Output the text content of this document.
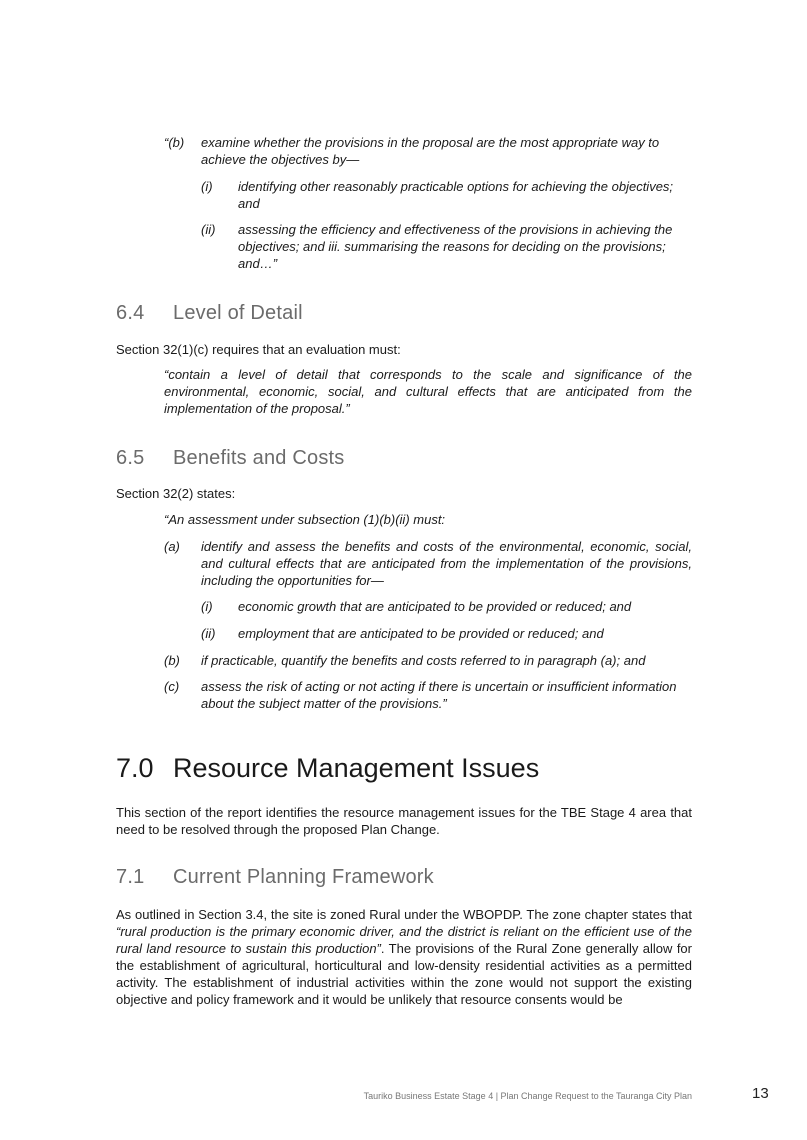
“(b) examine whether the provisions in the proposal are the most appropriate way to achieve the objectives by—
(i) identifying other reasonably practicable options for achieving the objectives; and
(ii) assessing the efficiency and effectiveness of the provisions in achieving the objectives; and iii. summarising the reasons for deciding on the provisions; and…”
6.4 Level of Detail
Section 32(1)(c) requires that an evaluation must:
“contain a level of detail that corresponds to the scale and significance of the environmental, economic, social, and cultural effects that are anticipated from the implementation of the proposal.”
6.5 Benefits and Costs
Section 32(2) states:
“An assessment under subsection (1)(b)(ii) must:
(a) identify and assess the benefits and costs of the environmental, economic, social, and cultural effects that are anticipated from the implementation of the provisions, including the opportunities for—
(i) economic growth that are anticipated to be provided or reduced; and
(ii) employment that are anticipated to be provided or reduced; and
(b) if practicable, quantify the benefits and costs referred to in paragraph (a); and
(c) assess the risk of acting or not acting if there is uncertain or insufficient information about the subject matter of the provisions.”
7.0 Resource Management Issues
This section of the report identifies the resource management issues for the TBE Stage 4 area that need to be resolved through the proposed Plan Change.
7.1 Current Planning Framework
As outlined in Section 3.4, the site is zoned Rural under the WBOPDP. The zone chapter states that “rural production is the primary economic driver, and the district is reliant on the efficient use of the rural land resource to sustain this production”. The provisions of the Rural Zone generally allow for the establishment of agricultural, horticultural and low-density residential activities as a permitted activity. The establishment of industrial activities within the zone would not support the existing objective and policy framework and it would be unlikely that resource consents would be
Tauriko Business Estate Stage 4 | Plan Change Request to the Tauranga City Plan	13
